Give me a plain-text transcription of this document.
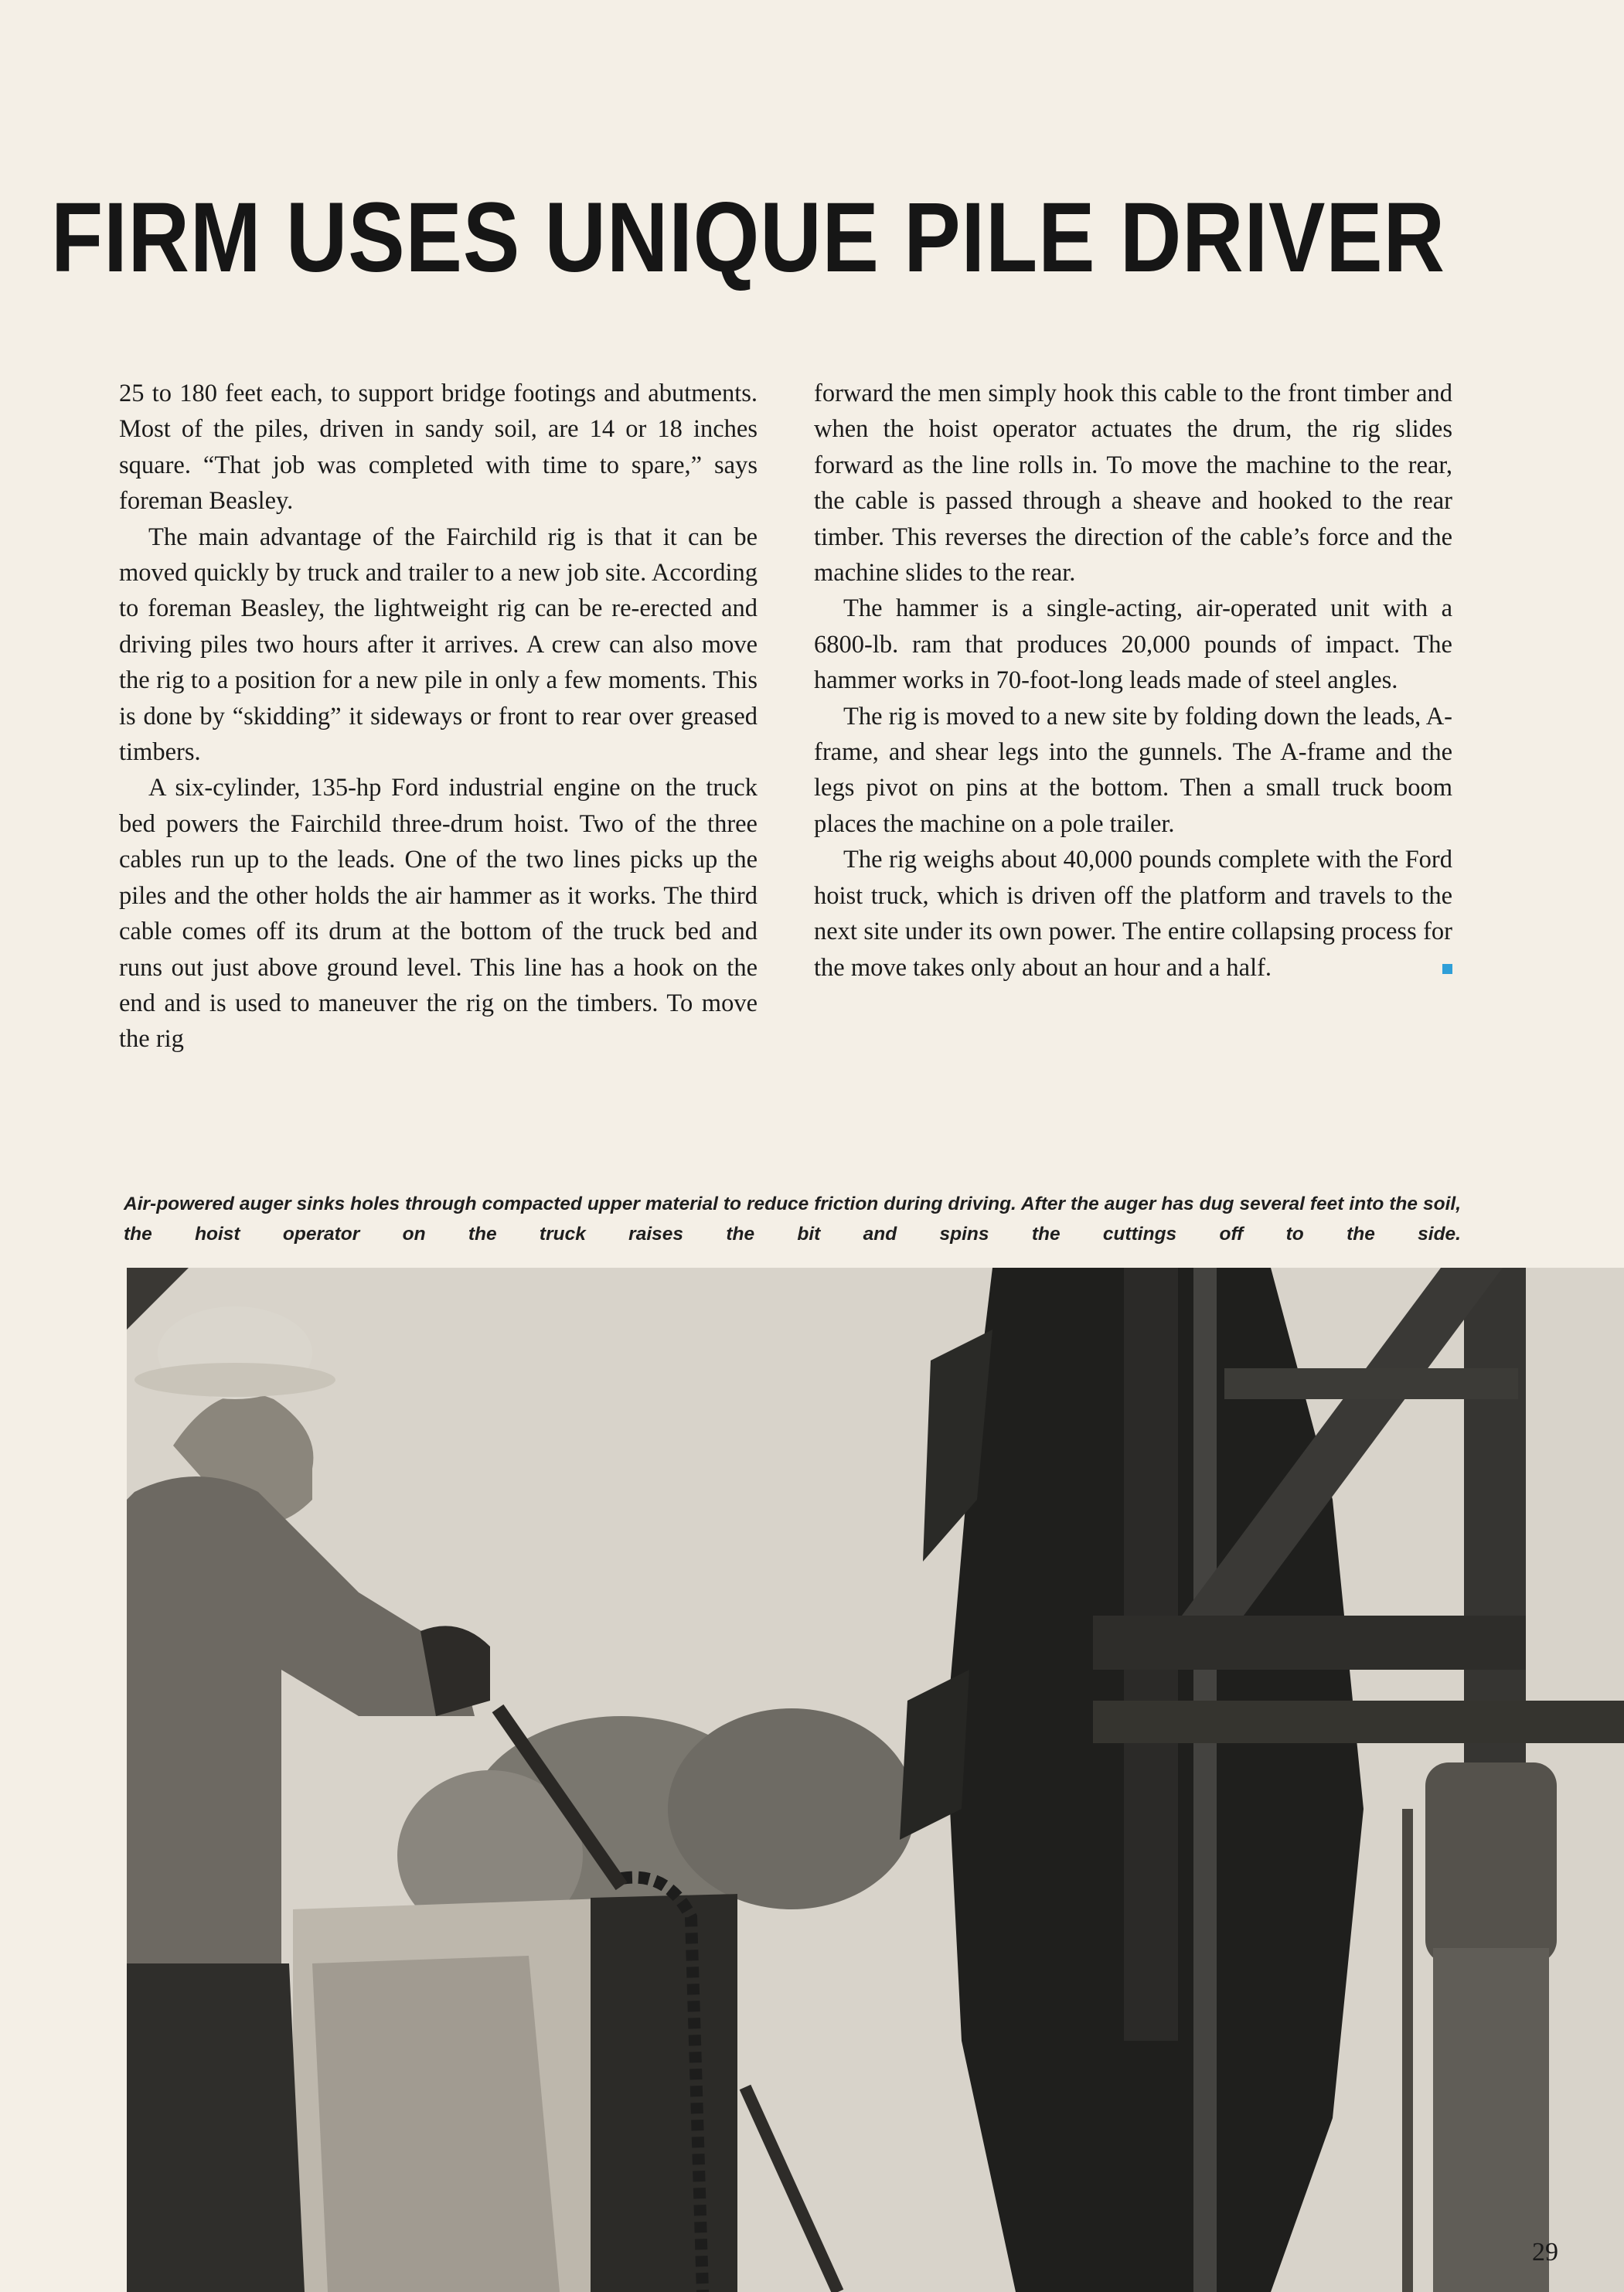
FIRM USES UNIQUE PILE DRIVER

25 to 180 feet each, to support bridge footings and abutments. Most of the piles, driven in sandy soil, are 14 or 18 inches square. “That job was completed with time to spare,” says foreman Beasley.

The main advantage of the Fairchild rig is that it can be moved quickly by truck and trailer to a new job site. According to foreman Beasley, the lightweight rig can be re-erected and driving piles two hours after it arrives. A crew can also move the rig to a position for a new pile in only a few moments. This is done by “skidding” it sideways or front to rear over greased timbers.

A six-cylinder, 135-hp Ford industrial engine on the truck bed powers the Fairchild three-drum hoist. Two of the three cables run up to the leads. One of the two lines picks up the piles and the other holds the air hammer as it works. The third cable comes off its drum at the bottom of the truck bed and runs out just above ground level. This line has a hook on the end and is used to maneuver the rig on the timbers. To move the rig

forward the men simply hook this cable to the front timber and when the hoist operator actuates the drum, the rig slides forward as the line rolls in. To move the machine to the rear, the cable is passed through a sheave and hooked to the rear timber. This reverses the direction of the cable’s force and the machine slides to the rear.

The hammer is a single-acting, air-operated unit with a 6800-lb. ram that produces 20,000 pounds of impact. The hammer works in 70-foot-long leads made of steel angles.

The rig is moved to a new site by folding down the leads, A-frame, and shear legs into the gunnels. The A-frame and the legs pivot on pins at the bottom. Then a small truck boom places the machine on a pole trailer.

The rig weighs about 40,000 pounds complete with the Ford hoist truck, which is driven off the platform and travels to the next site under its own power. The entire collapsing process for the move takes only about an hour and a half.

Air-powered auger sinks holes through compacted upper material to reduce friction during driving. After the auger has dug several feet into the soil, the hoist operator on the truck raises the bit and spins the cuttings off to the side.

29
